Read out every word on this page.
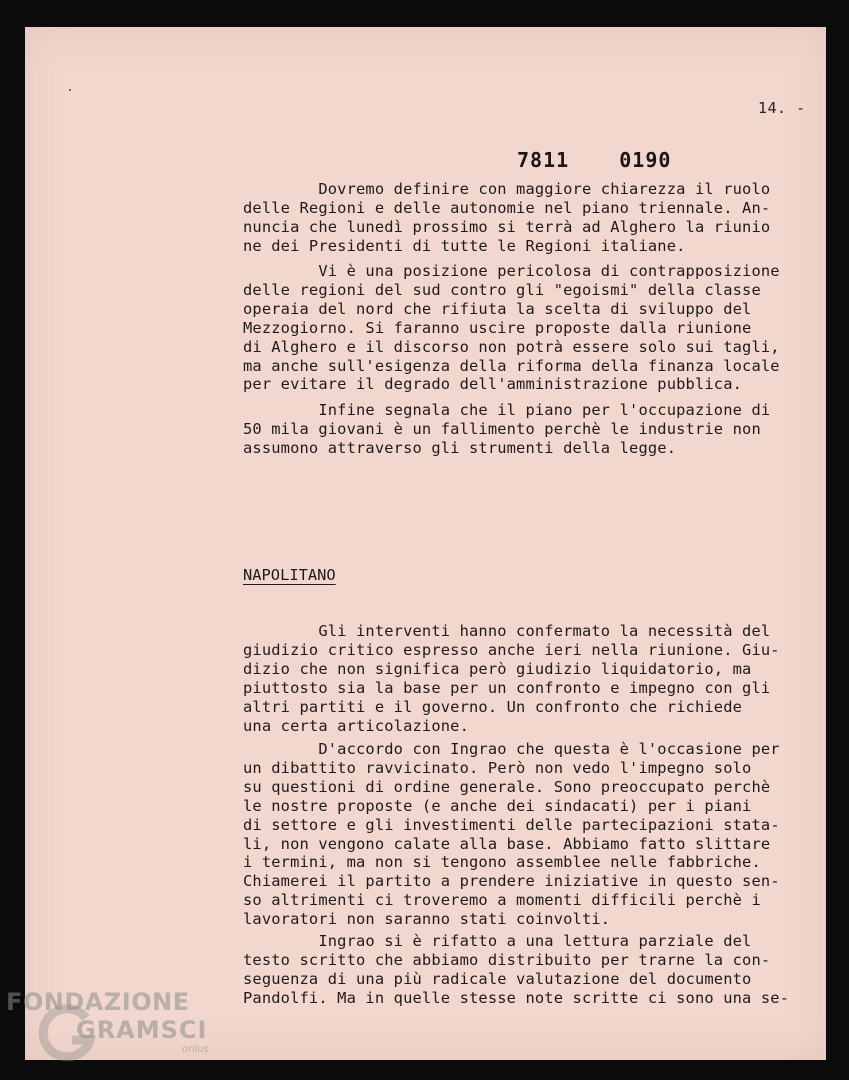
14. -
7811  0190
Dovremo definire con maggiore chiarezza il ruolo
delle Regioni e delle autonomie nel piano triennale. An-
nuncia che lunedì prossimo si terrà ad Alghero la riunio
ne dei Presidenti di tutte le Regioni italiane.
Vi è una posizione pericolosa di contrapposizione
delle regioni del sud contro gli "egoismi" della classe
operaia del nord che rifiuta la scelta di sviluppo del
Mezzogiorno. Si faranno uscire proposte dalla riunione
di Alghero e il discorso non potrà essere solo sui tagli,
ma anche sull'esigenza della riforma della finanza locale
per evitare il degrado dell'amministrazione pubblica.
Infine segnala che il piano per l'occupazione di
50 mila giovani è un fallimento perchè le industrie non
assumono attraverso gli strumenti della legge.
NAPOLITANO
Gli interventi hanno confermato la necessità del
giudizio critico espresso anche ieri nella riunione. Giu-
dizio che non significa però giudizio liquidatorio, ma
piuttosto sia la base per un confronto e impegno con gli
altri partiti e il governo. Un confronto che richiede
una certa articolazione.
D'accordo con Ingrao che questa è l'occasione per
un dibattito ravvicinato. Però non vedo l'impegno solo
su questioni di ordine generale. Sono preoccupato perchè
le nostre proposte (e anche dei sindacati) per i piani
di settore e gli investimenti delle partecipazioni stata-
li, non vengono calate alla base. Abbiamo fatto slittare
i termini, ma non si tengono assemblee nelle fabbriche.
Chiamerei il partito a prendere iniziative in questo sen-
so altrimenti ci troveremo a momenti difficili perchè i
lavoratori non saranno stati coinvolti.
Ingrao si è rifatto a una lettura parziale del
testo scritto che abbiamo distribuito per trarne la con-
seguenza di una più radicale valutazione del documento
Pandolfi. Ma in quelle stesse note scritte ci sono una se-
FONDAZIONE
GRAMSCI
onlus
